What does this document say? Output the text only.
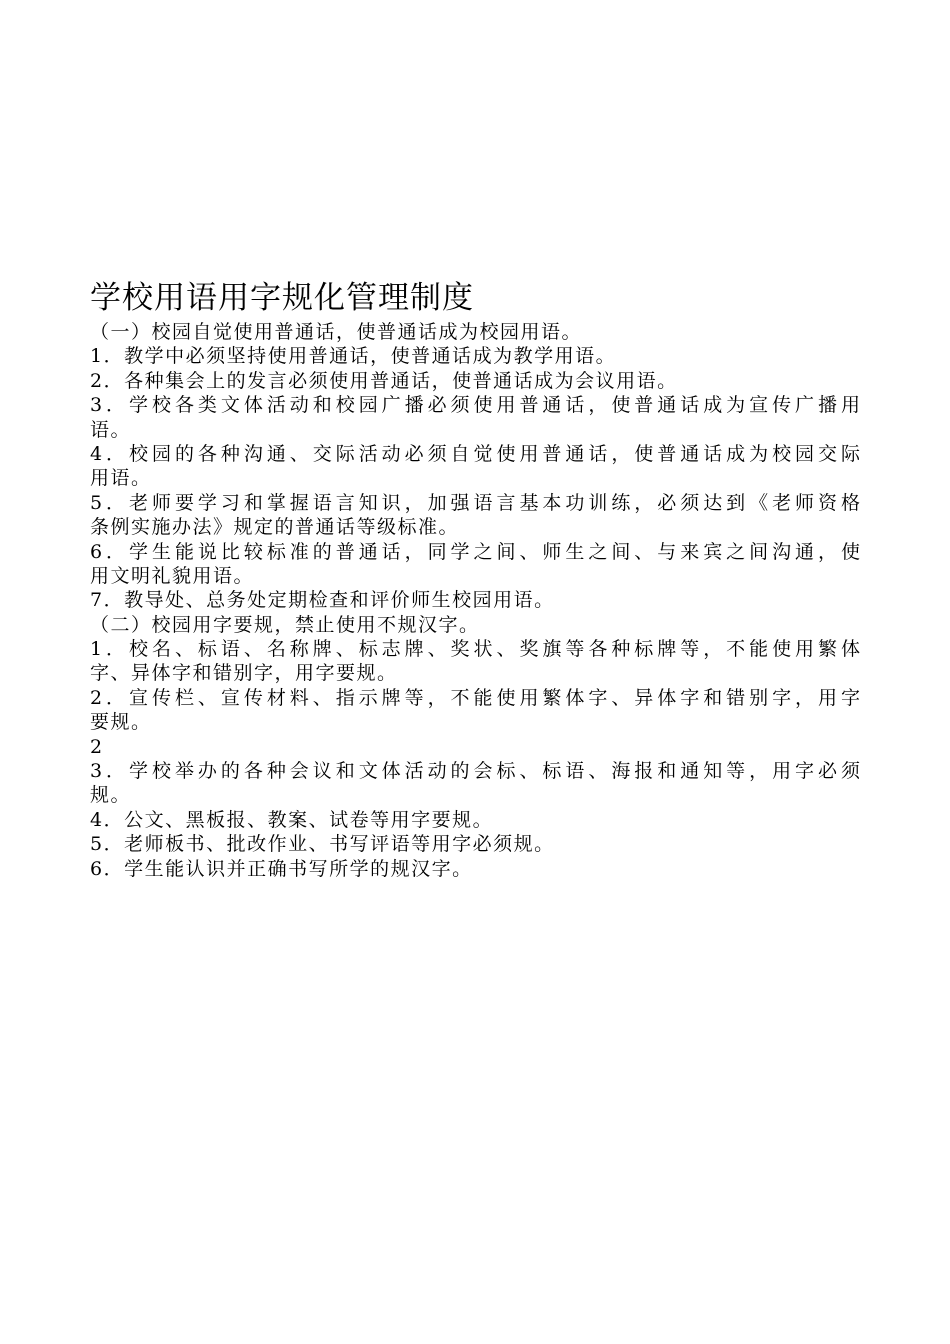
学校用语用字规化管理制度
（一）校园自觉使用普通话，使普通话成为校园用语。
1．教学中必须坚持使用普通话，使普通话成为教学用语。
2．各种集会上的发言必须使用普通话，使普通话成为会议用语。
3．学校各类文体活动和校园广播必须使用普通话，使普通话成为宣传广播用
语。
4．校园的各种沟通、交际活动必须自觉使用普通话，使普通话成为校园交际
用语。
5．老师要学习和掌握语言知识，加强语言基本功训练，必须达到《老师资格
条例实施办法》规定的普通话等级标准。
6．学生能说比较标准的普通话，同学之间、师生之间、与来宾之间沟通，使
用文明礼貌用语。
7．教导处、总务处定期检查和评价师生校园用语。
（二）校园用字要规，禁止使用不规汉字。
1．校名、标语、名称牌、标志牌、奖状、奖旗等各种标牌等，不能使用繁体
字、异体字和错别字，用字要规。
2．宣传栏、宣传材料、指示牌等，不能使用繁体字、异体字和错别字，用字
要规。
2
3．学校举办的各种会议和文体活动的会标、标语、海报和通知等，用字必须
规。
4．公文、黑板报、教案、试卷等用字要规。
5．老师板书、批改作业、书写评语等用字必须规。
6．学生能认识并正确书写所学的规汉字。
